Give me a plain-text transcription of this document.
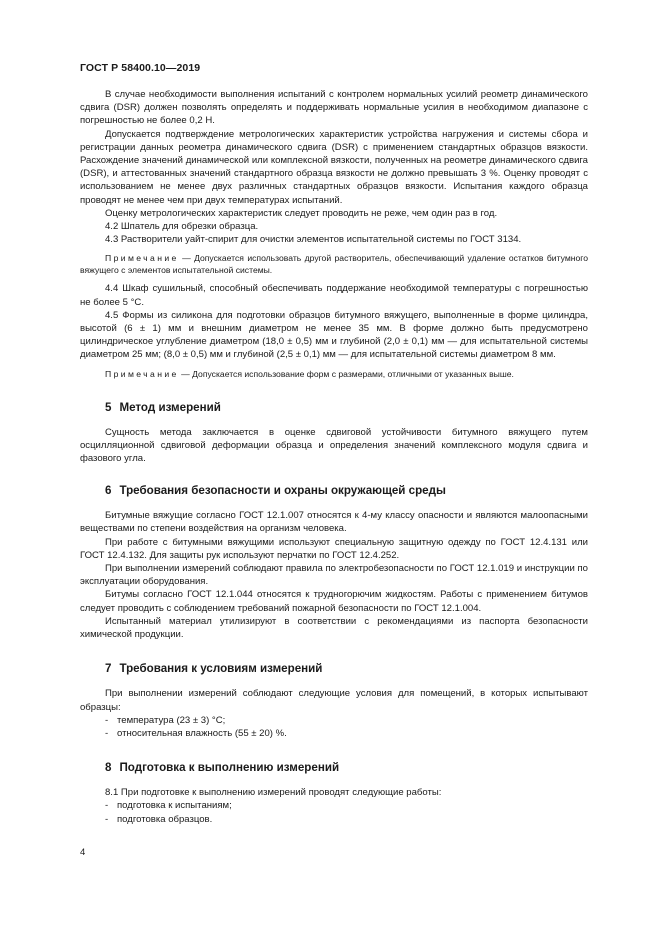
ГОСТ Р 58400.10—2019

В случае необходимости выполнения испытаний с контролем нормальных усилий реометр динамического сдвига (DSR) должен позволять определять и поддерживать нормальные усилия в необходимом диапазоне с погрешностью не более 0,2 Н.

Допускается подтверждение метрологических характеристик устройства нагружения и системы сбора и регистрации данных реометра динамического сдвига (DSR) с применением стандартных образцов вязкости. Расхождение значений динамической или комплексной вязкости, полученных на реометре динамического сдвига (DSR), и аттестованных значений стандартного образца вязкости не должно превышать 3 %. Оценку проводят с использованием не менее двух различных стандартных образцов вязкости. Испытания каждого образца проводят не менее чем при двух температурах испытаний.

Оценку метрологических характеристик следует проводить не реже, чем один раз в год.

4.2 Шпатель для обрезки образца.

4.3 Растворители уайт-спирит для очистки элементов испытательной системы по ГОСТ 3134.

Примечание — Допускается использовать другой растворитель, обеспечивающий удаление остатков битумного вяжущего с элементов испытательной системы.

4.4 Шкаф сушильный, способный обеспечивать поддержание необходимой температуры с погрешностью не более 5 °С.

4.5 Формы из силикона для подготовки образцов битумного вяжущего, выполненные в форме цилиндра, высотой (6 ± 1) мм и внешним диаметром не менее 35 мм. В форме должно быть предусмотрено цилиндрическое углубление диаметром (18,0 ± 0,5) мм и глубиной (2,0 ± 0,1) мм — для испытательной системы диаметром 25 мм; (8,0 ± 0,5) мм и глубиной (2,5 ± 0,1) мм — для испытательной системы диаметром 8 мм.

Примечание — Допускается использование форм с размерами, отличными от указанных выше.

5 Метод измерений

Сущность метода заключается в оценке сдвиговой устойчивости битумного вяжущего путем осцилляционной сдвиговой деформации образца и определения значений комплексного модуля сдвига и фазового угла.

6 Требования безопасности и охраны окружающей среды

Битумные вяжущие согласно ГОСТ 12.1.007 относятся к 4-му классу опасности и являются малоопасными веществами по степени воздействия на организм человека.

При работе с битумными вяжущими используют специальную защитную одежду по ГОСТ 12.4.131 или ГОСТ 12.4.132. Для защиты рук используют перчатки по ГОСТ 12.4.252.

При выполнении измерений соблюдают правила по электробезопасности по ГОСТ 12.1.019 и инструкции по эксплуатации оборудования.

Битумы согласно ГОСТ 12.1.044 относятся к трудногорючим жидкостям. Работы с применением битумов следует проводить с соблюдением требований пожарной безопасности по ГОСТ 12.1.004.

Испытанный материал утилизируют в соответствии с рекомендациями из паспорта безопасности химической продукции.

7 Требования к условиям измерений

При выполнении измерений соблюдают следующие условия для помещений, в которых испытывают образцы:

- температура (23 ± 3) °С;

- относительная влажность (55 ± 20) %.

8 Подготовка к выполнению измерений

8.1 При подготовке к выполнению измерений проводят следующие работы:

- подготовка к испытаниям;

- подготовка образцов.

4
